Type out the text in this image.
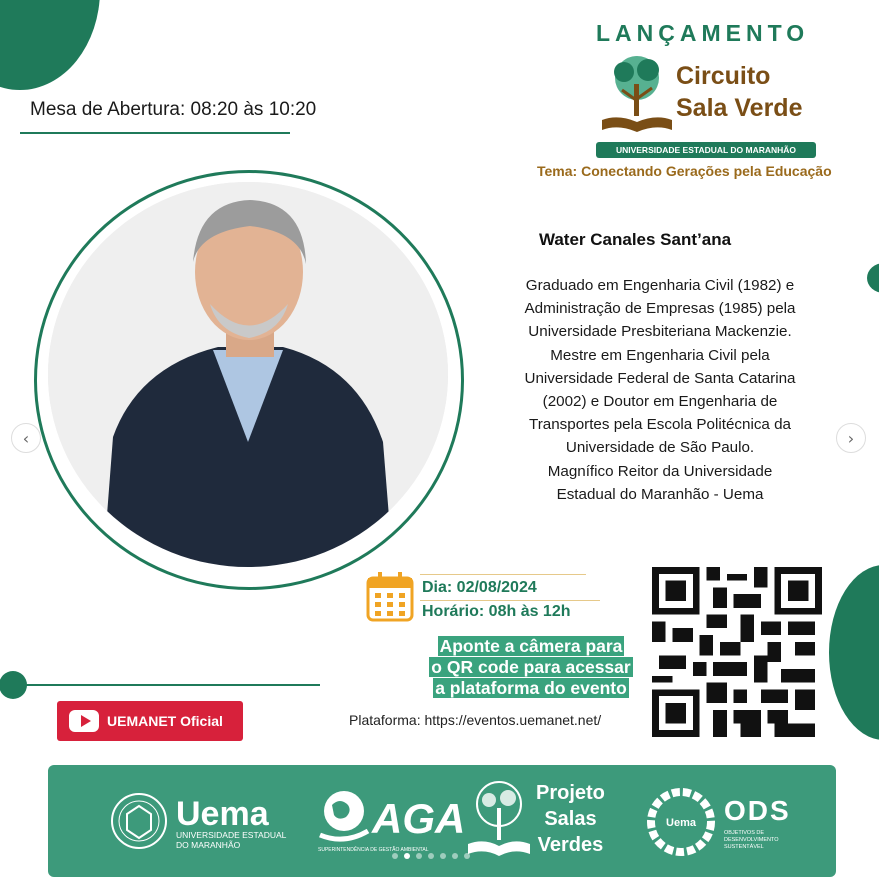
Mesa de Abertura: 08:20 às 10:20
LANÇAMENTO
Circuito
Sala Verde
UNIVERSIDADE ESTADUAL DO MARANHÃO
Tema: Conectando Gerações pela Educação
Water Canales Sant’ana
Graduado em Engenharia Civil (1982) e
Administração de Empresas (1985) pela
Universidade Presbiteriana Mackenzie.
Mestre em Engenharia Civil pela
Universidade Federal de Santa Catarina
(2002) e Doutor em Engenharia de
Transportes pela Escola Politécnica da
Universidade de São Paulo.
Magnífico Reitor da Universidade
Estadual do Maranhão - Uema
‹	›
Dia: 02/08/2024
Horário: 08h às 12h
Aponte a câmera para
o QR code para acessar
a plataforma do evento
Plataforma: https://eventos.uemanet.net/
UEMANET Oficial
Uema
UNIVERSIDADE ESTADUAL
DO MARANHÃO
AGA
SUPERINTENDÊNCIA DE GESTÃO AMBIENTAL
Projeto
Salas
Verdes
Uema ODS
OBJETIVOS DE
DESENVOLVIMENTO
SUSTENTÁVEL
